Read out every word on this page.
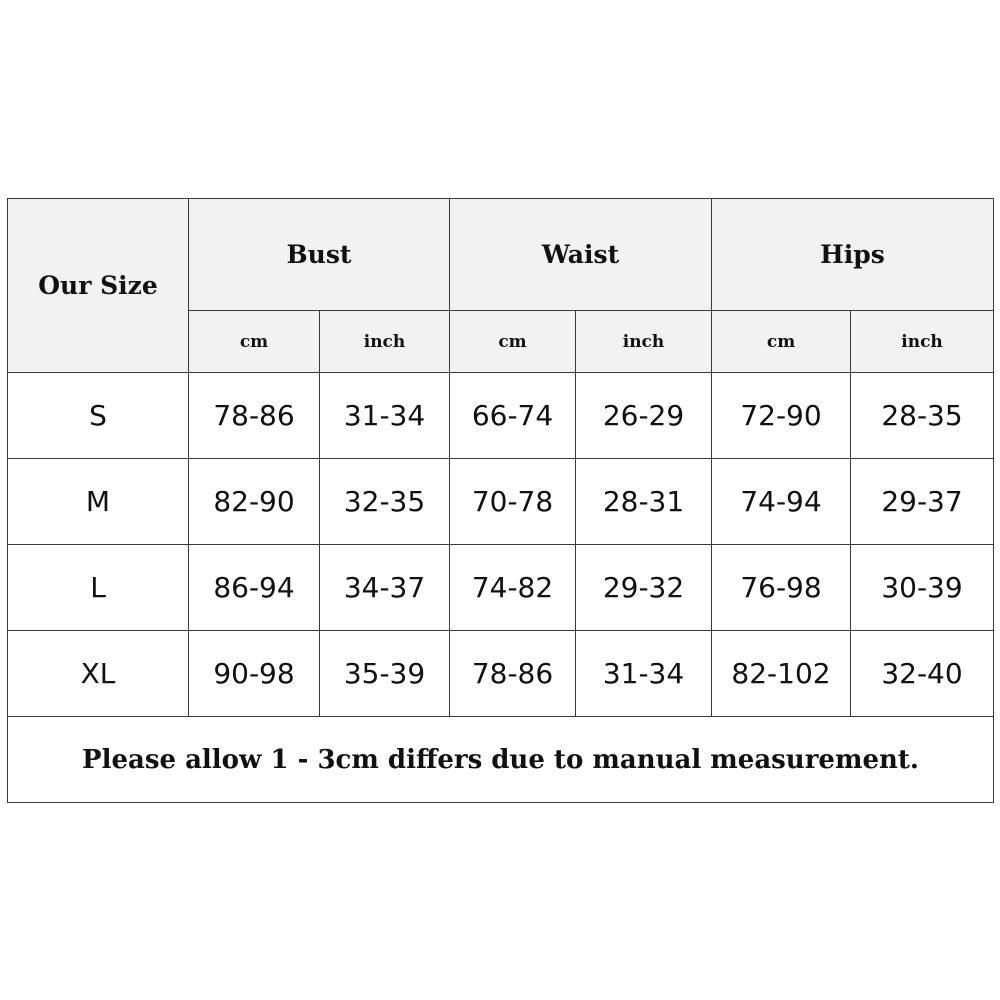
Our Size	Bust		Waist		Hips	
	cm	inch	cm	inch	cm	inch
S	78-86	31-34	66-74	26-29	72-90	28-35
M	82-90	32-35	70-78	28-31	74-94	29-37
L	86-94	34-37	74-82	29-32	76-98	30-39
XL	90-98	35-39	78-86	31-34	82-102	32-40
Please allow 1 - 3cm differs due to manual measurement.						
